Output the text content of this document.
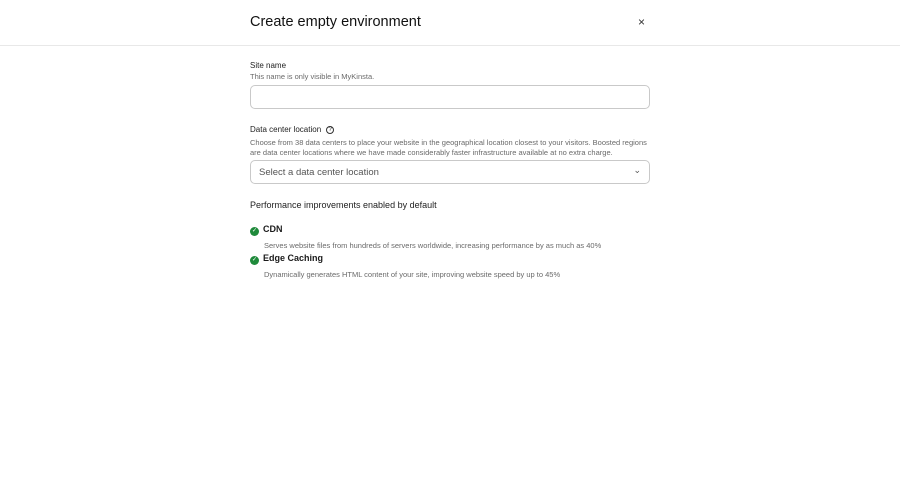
Create empty environment	×
Site name
This name is only visible in MyKinsta.
Data center location ?
Choose from 38 data centers to place your website in the geographical location closest to your visitors. Boosted regions are data center locations where we have made considerably faster infrastructure available at no extra charge.
Select a data center location	⌄
Performance improvements enabled by default
✓ CDN
Serves website files from hundreds of servers worldwide, increasing performance by as much as 40%
✓ Edge Caching
Dynamically generates HTML content of your site, improving website speed by up to 45%
